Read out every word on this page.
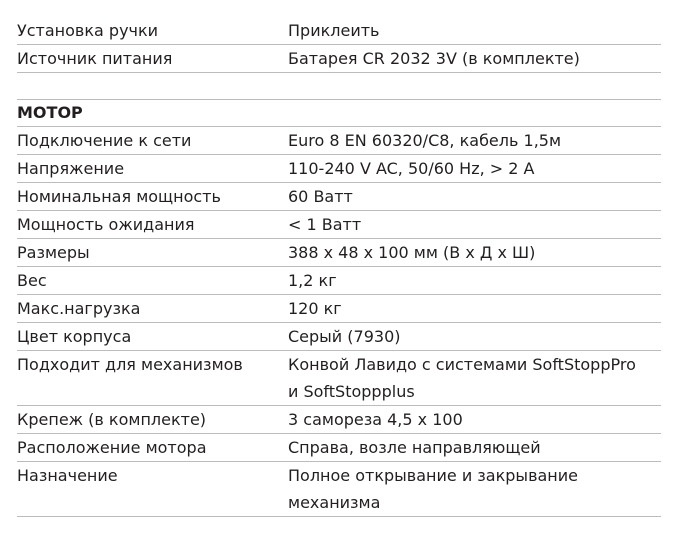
Установка ручки	Приклеить
Источник питания	Батарея CR 2032 3V (в комплекте)
МОТОР
Подключение к сети	Euro 8 EN 60320/C8, кабель 1,5м
Напряжение	110-240 V AC, 50/60 Hz, > 2 A
Номинальная мощность	60 Ватт
Мощность ожидания	< 1 Ватт
Размеры	388 x 48 x 100 мм (В х Д х Ш)
Вес	1,2 кг
Макс.нагрузка	120 кг
Цвет корпуса	Серый (7930)
Подходит для механизмов	Конвой Лавидо с системами SoftStoppPro
и SoftStoppplus
Крепеж (в комплекте)	3 самореза 4,5 х 100
Расположение мотора	Справа, возле направляющей
Назначение	Полное открывание и закрывание
механизма
